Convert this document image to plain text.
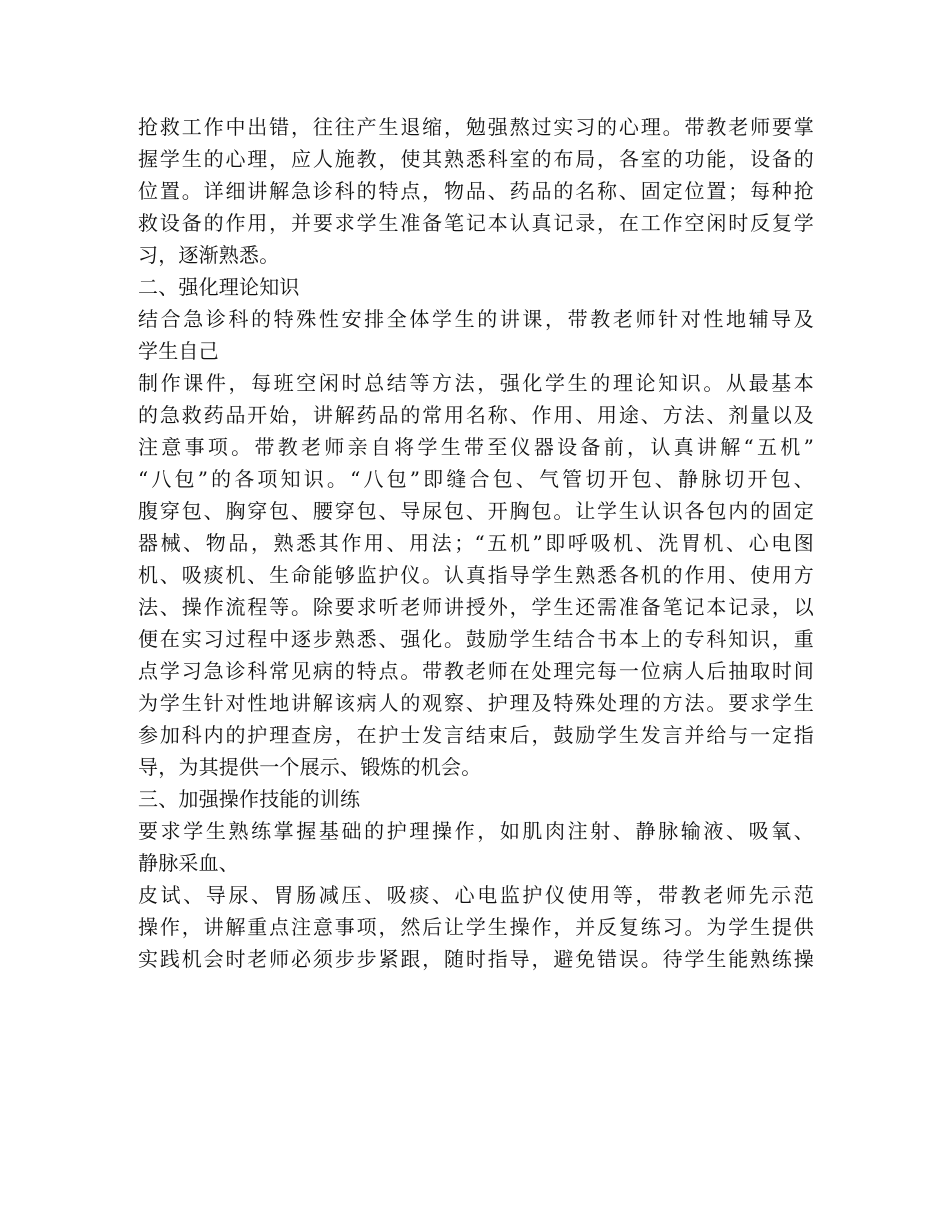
抢救工作中出错，往往产生退缩，勉强熬过实习的心理。带教老师要掌
握学生的心理，应人施教，使其熟悉科室的布局，各室的功能，设备的
位置。详细讲解急诊科的特点，物品、药品的名称、固定位置；每种抢
救设备的作用，并要求学生准备笔记本认真记录，在工作空闲时反复学
习，逐渐熟悉。
二、强化理论知识
结合急诊科的特殊性安排全体学生的讲课，带教老师针对性地辅导及
学生自己
制作课件，每班空闲时总结等方法，强化学生的理论知识。从最基本
的急救药品开始，讲解药品的常用名称、作用、用途、方法、剂量以及
注意事项。带教老师亲自将学生带至仪器设备前，认真讲解“五机”
“八包”的各项知识。“八包”即缝合包、气管切开包、静脉切开包、
腹穿包、胸穿包、腰穿包、导尿包、开胸包。让学生认识各包内的固定
器械、物品，熟悉其作用、用法；“五机”即呼吸机、洗胃机、心电图
机、吸痰机、生命能够监护仪。认真指导学生熟悉各机的作用、使用方
法、操作流程等。除要求听老师讲授外，学生还需准备笔记本记录，以
便在实习过程中逐步熟悉、强化。鼓励学生结合书本上的专科知识，重
点学习急诊科常见病的特点。带教老师在处理完每一位病人后抽取时间
为学生针对性地讲解该病人的观察、护理及特殊处理的方法。要求学生
参加科内的护理查房，在护士发言结束后，鼓励学生发言并给与一定指
导，为其提供一个展示、锻炼的机会。
三、加强操作技能的训练
要求学生熟练掌握基础的护理操作，如肌肉注射、静脉输液、吸氧、
静脉采血、
皮试、导尿、胃肠减压、吸痰、心电监护仪使用等，带教老师先示范
操作，讲解重点注意事项，然后让学生操作，并反复练习。为学生提供
实践机会时老师必须步步紧跟，随时指导，避免错误。待学生能熟练操
